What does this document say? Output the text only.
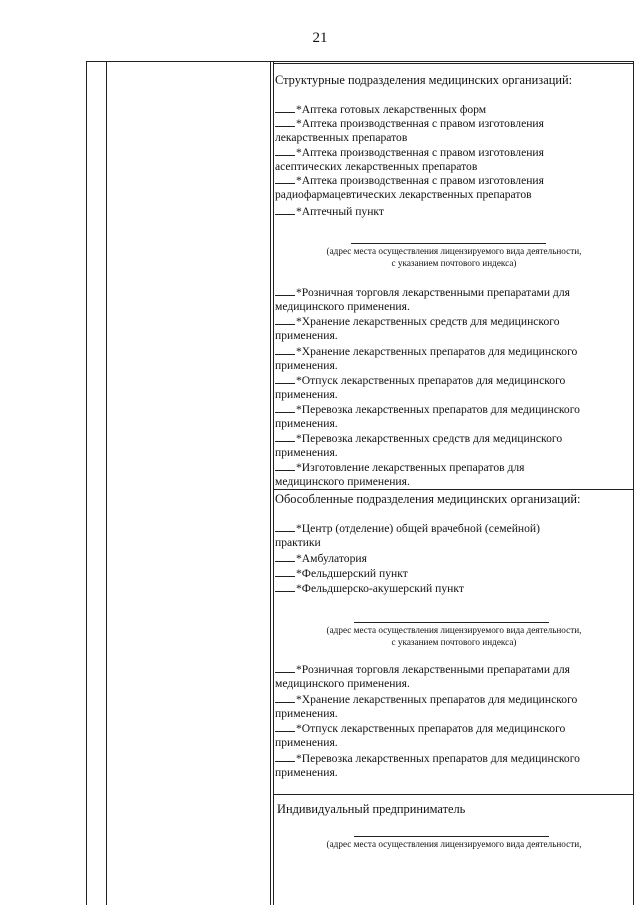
21
Структурные подразделения медицинских организаций:
*Аптека готовых лекарственных форм
*Аптека производственная с правом изготовления
лекарственных препаратов
*Аптека производственная с правом изготовления
асептических лекарственных препаратов
*Аптека производственная с правом изготовления
радиофармацевтических лекарственных препаратов
*Аптечный пункт
(адрес места осуществления лицензируемого вида деятельности,
с указанием почтового индекса)
*Розничная торговля лекарственными препаратами для
медицинского применения.
*Хранение лекарственных средств для медицинского
применения.
*Хранение лекарственных препаратов для медицинского
применения.
*Отпуск лекарственных препаратов для медицинского
применения.
*Перевозка лекарственных препаратов для медицинского
применения.
*Перевозка лекарственных средств для медицинского
применения.
*Изготовление лекарственных препаратов для
медицинского применения.
Обособленные подразделения медицинских организаций:
*Центр (отделение) общей врачебной (семейной)
практики
*Амбулатория
*Фельдшерский пункт
*Фельдшерско-акушерский пункт
(адрес места осуществления лицензируемого вида деятельности,
с указанием почтового индекса)
*Розничная торговля лекарственными препаратами для
медицинского применения.
*Хранение лекарственных препаратов для медицинского
применения.
*Отпуск лекарственных препаратов для медицинского
применения.
*Перевозка лекарственных препаратов для медицинского
применения.
Индивидуальный предприниматель
(адрес места осуществления лицензируемого вида деятельности,
